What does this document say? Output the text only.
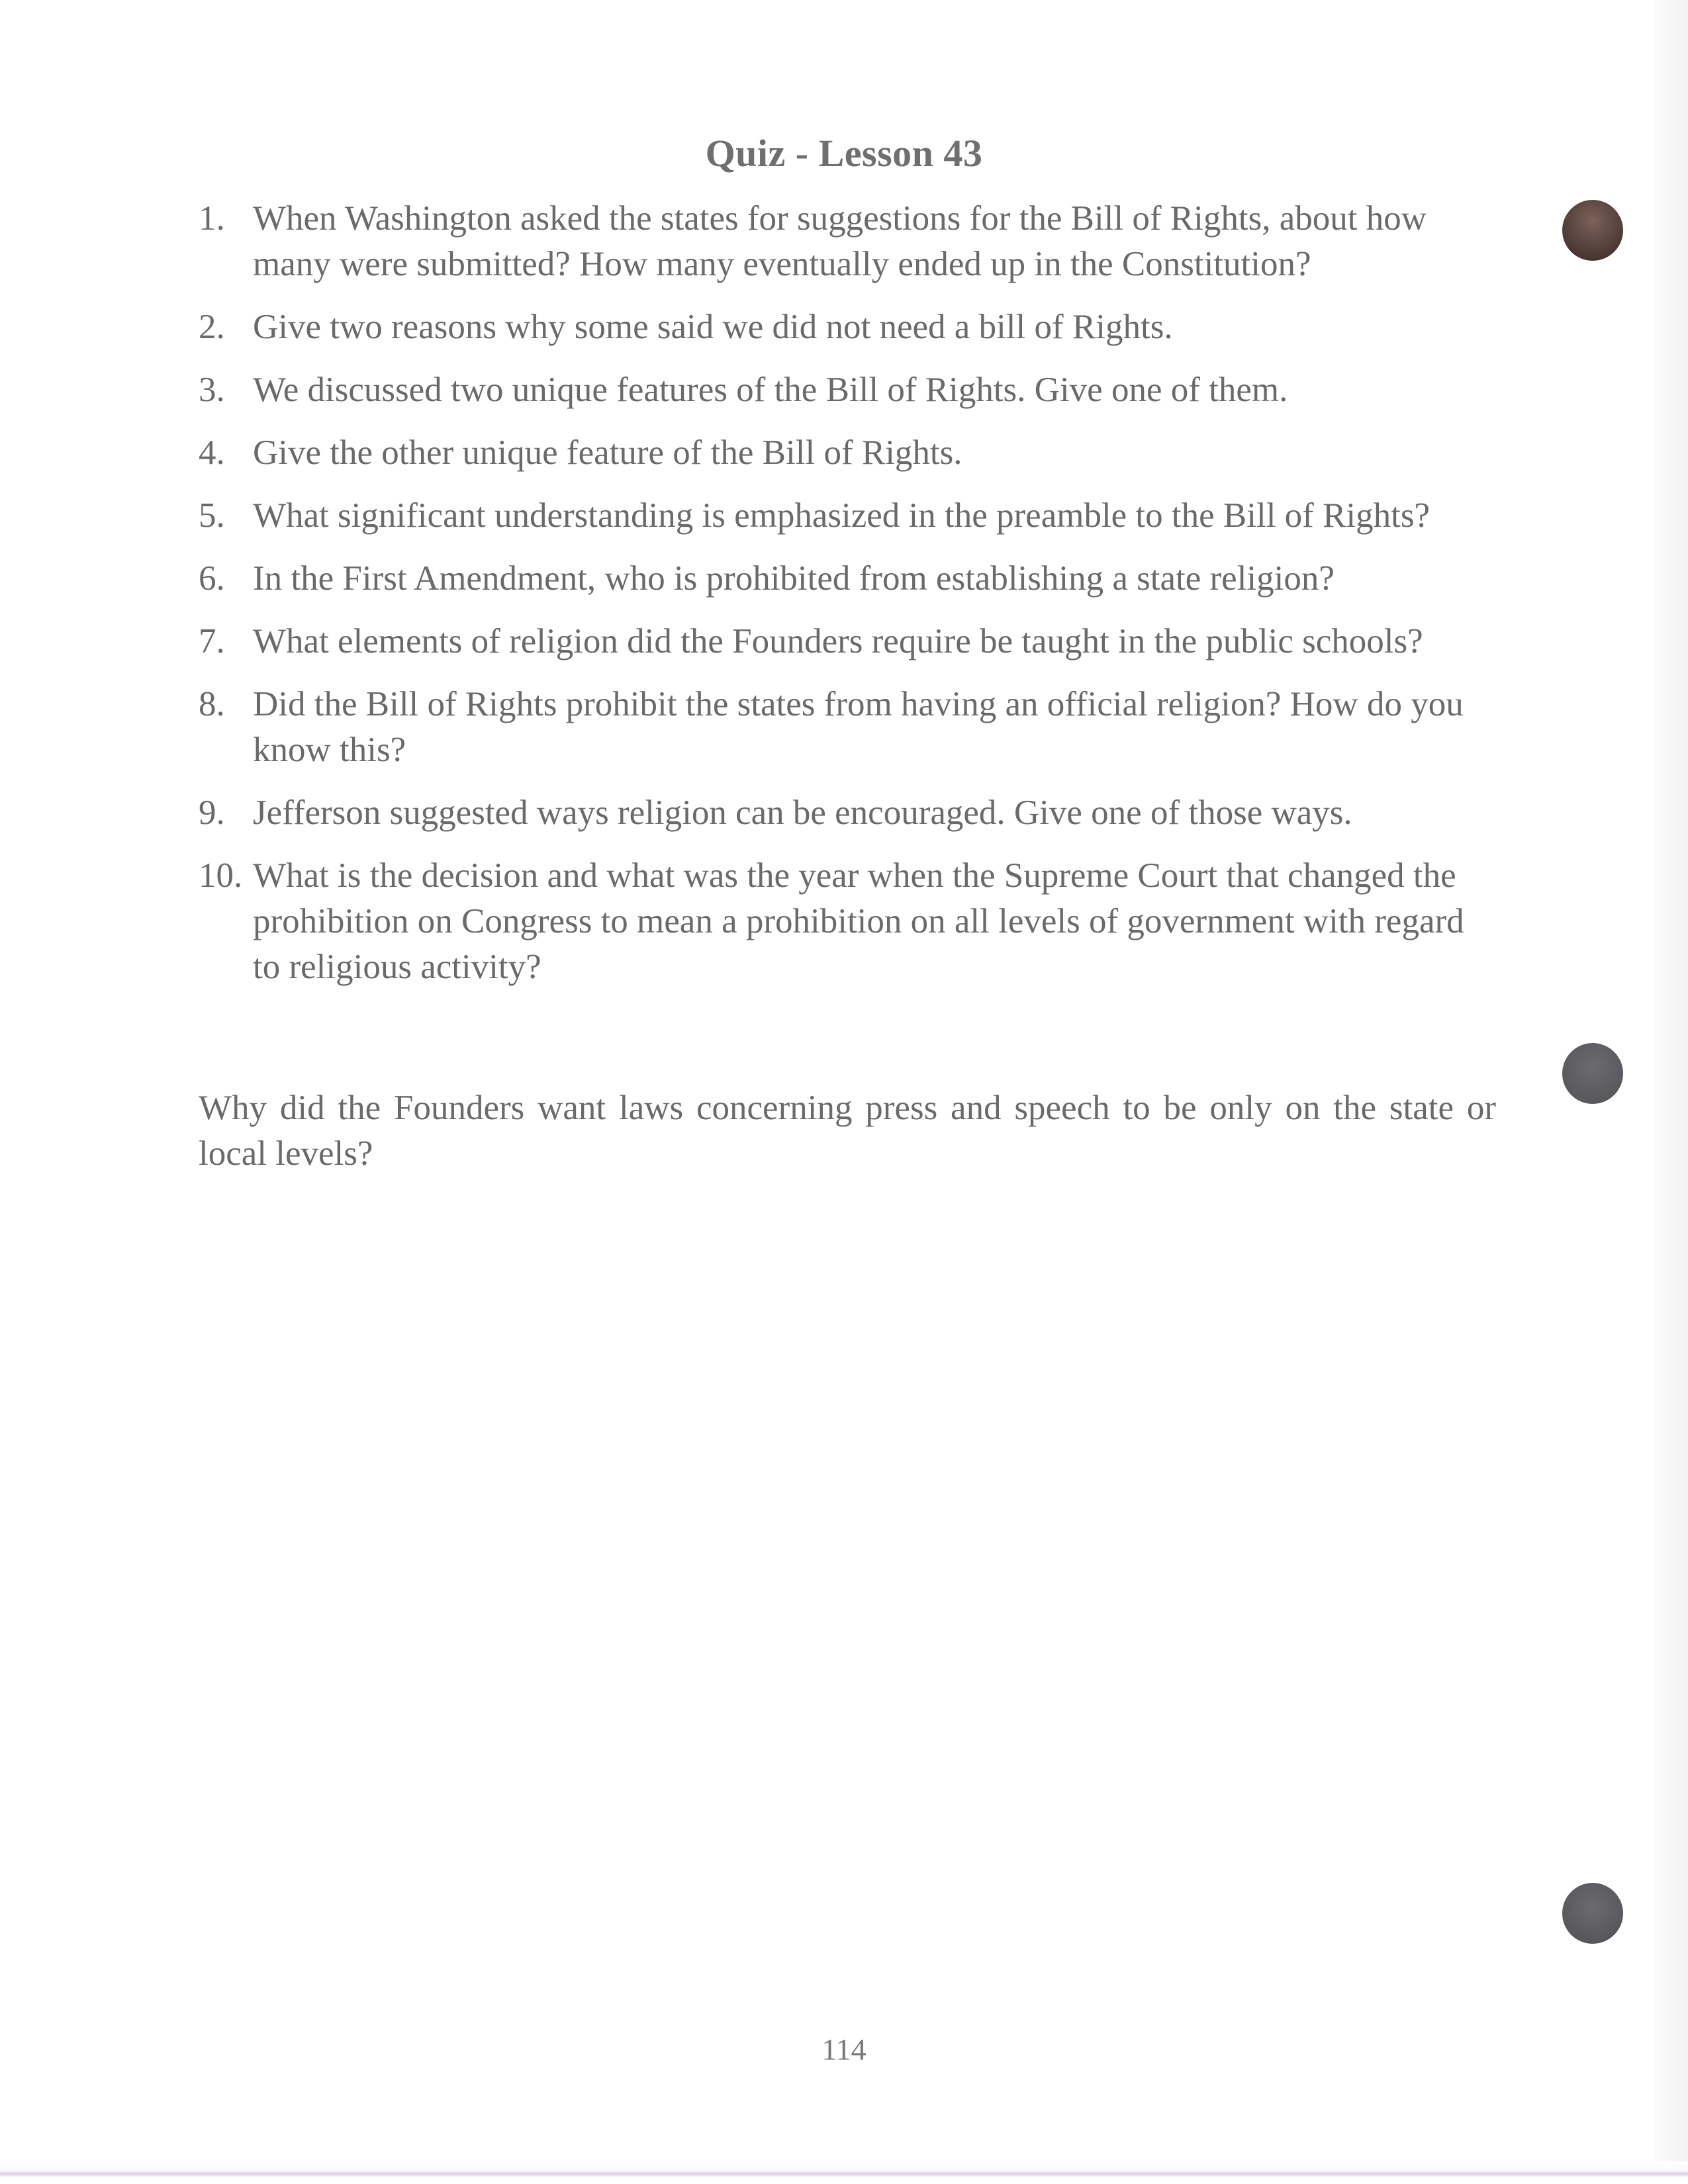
Quiz - Lesson 43
1. When Washington asked the states for suggestions for the Bill of Rights, about how many were submitted? How many eventually ended up in the Constitution?
2. Give two reasons why some said we did not need a bill of Rights.
3. We discussed two unique features of the Bill of Rights. Give one of them.
4. Give the other unique feature of the Bill of Rights.
5. What significant understanding is emphasized in the preamble to the Bill of Rights?
6. In the First Amendment, who is prohibited from establishing a state religion?
7. What elements of religion did the Founders require be taught in the public schools?
8. Did the Bill of Rights prohibit the states from having an official religion? How do you know this?
9. Jefferson suggested ways religion can be encouraged. Give one of those ways.
10. What is the decision and what was the year when the Supreme Court that changed the prohibition on Congress to mean a prohibition on all levels of government with regard to religious activity?
Why did the Founders want laws concerning press and speech to be only on the state or local levels?
114
